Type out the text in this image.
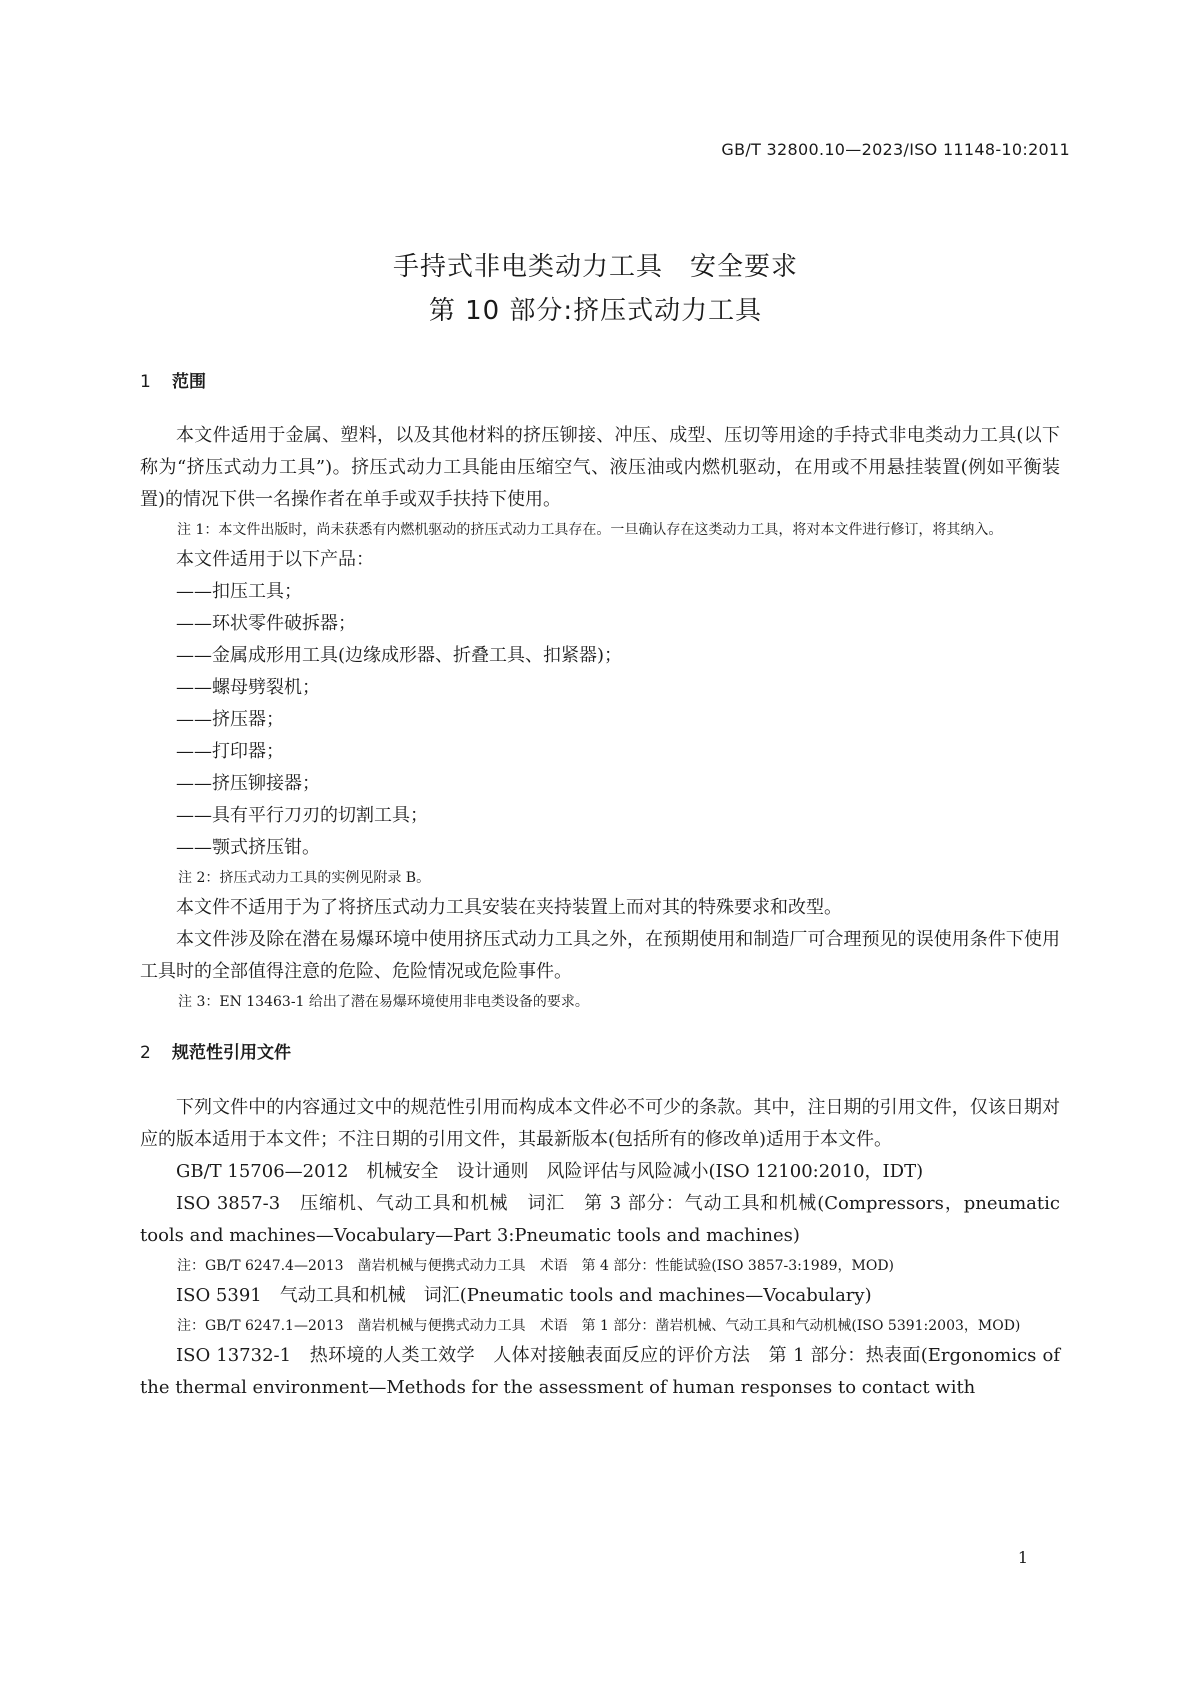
GB/T 32800.10—2023/ISO 11148-10:2011
手持式非电类动力工具　安全要求
第 10 部分:挤压式动力工具
1 范围

本文件适用于金属、塑料，以及其他材料的挤压铆接、冲压、成型、压切等用途的手持式非电类动力工具(以下称为“挤压式动力工具”)。挤压式动力工具能由压缩空气、液压油或内燃机驱动，在用或不用悬挂装置(例如平衡装置)的情况下供一名操作者在单手或双手扶持下使用。

注 1：本文件出版时，尚未获悉有内燃机驱动的挤压式动力工具存在。一旦确认存在这类动力工具，将对本文件进行修订，将其纳入。

本文件适用于以下产品：

——扣压工具；

——环状零件破拆器；

——金属成形用工具(边缘成形器、折叠工具、扣紧器)；

——螺母劈裂机；

——挤压器；

——打印器；

——挤压铆接器；

——具有平行刀刃的切割工具；

——颚式挤压钳。

注 2：挤压式动力工具的实例见附录 B。

本文件不适用于为了将挤压式动力工具安装在夹持装置上而对其的特殊要求和改型。

本文件涉及除在潜在易爆环境中使用挤压式动力工具之外，在预期使用和制造厂可合理预见的误使用条件下使用工具时的全部值得注意的危险、危险情况或危险事件。

注 3：EN 13463-1 给出了潜在易爆环境使用非电类设备的要求。

2 规范性引用文件

下列文件中的内容通过文中的规范性引用而构成本文件必不可少的条款。其中，注日期的引用文件，仅该日期对应的版本适用于本文件；不注日期的引用文件，其最新版本(包括所有的修改单)适用于本文件。

GB/T 15706—2012　机械安全　设计通则　风险评估与风险减小(ISO 12100:2010，IDT)

ISO 3857-3　压缩机、气动工具和机械　词汇　第 3 部分：气动工具和机械(Compressors，pneumatic tools and machines—Vocabulary—Part 3:Pneumatic tools and machines)

注：GB/T 6247.4—2013　凿岩机械与便携式动力工具　术语　第 4 部分：性能试验(ISO 3857-3:1989，MOD)

ISO 5391　气动工具和机械　词汇(Pneumatic tools and machines—Vocabulary)

注：GB/T 6247.1—2013　凿岩机械与便携式动力工具　术语　第 1 部分：凿岩机械、气动工具和气动机械(ISO 5391:2003，MOD)

ISO 13732-1　热环境的人类工效学　人体对接触表面反应的评价方法　第 1 部分：热表面(Ergonomics of the thermal environment—Methods for the assessment of human responses to contact with

1
